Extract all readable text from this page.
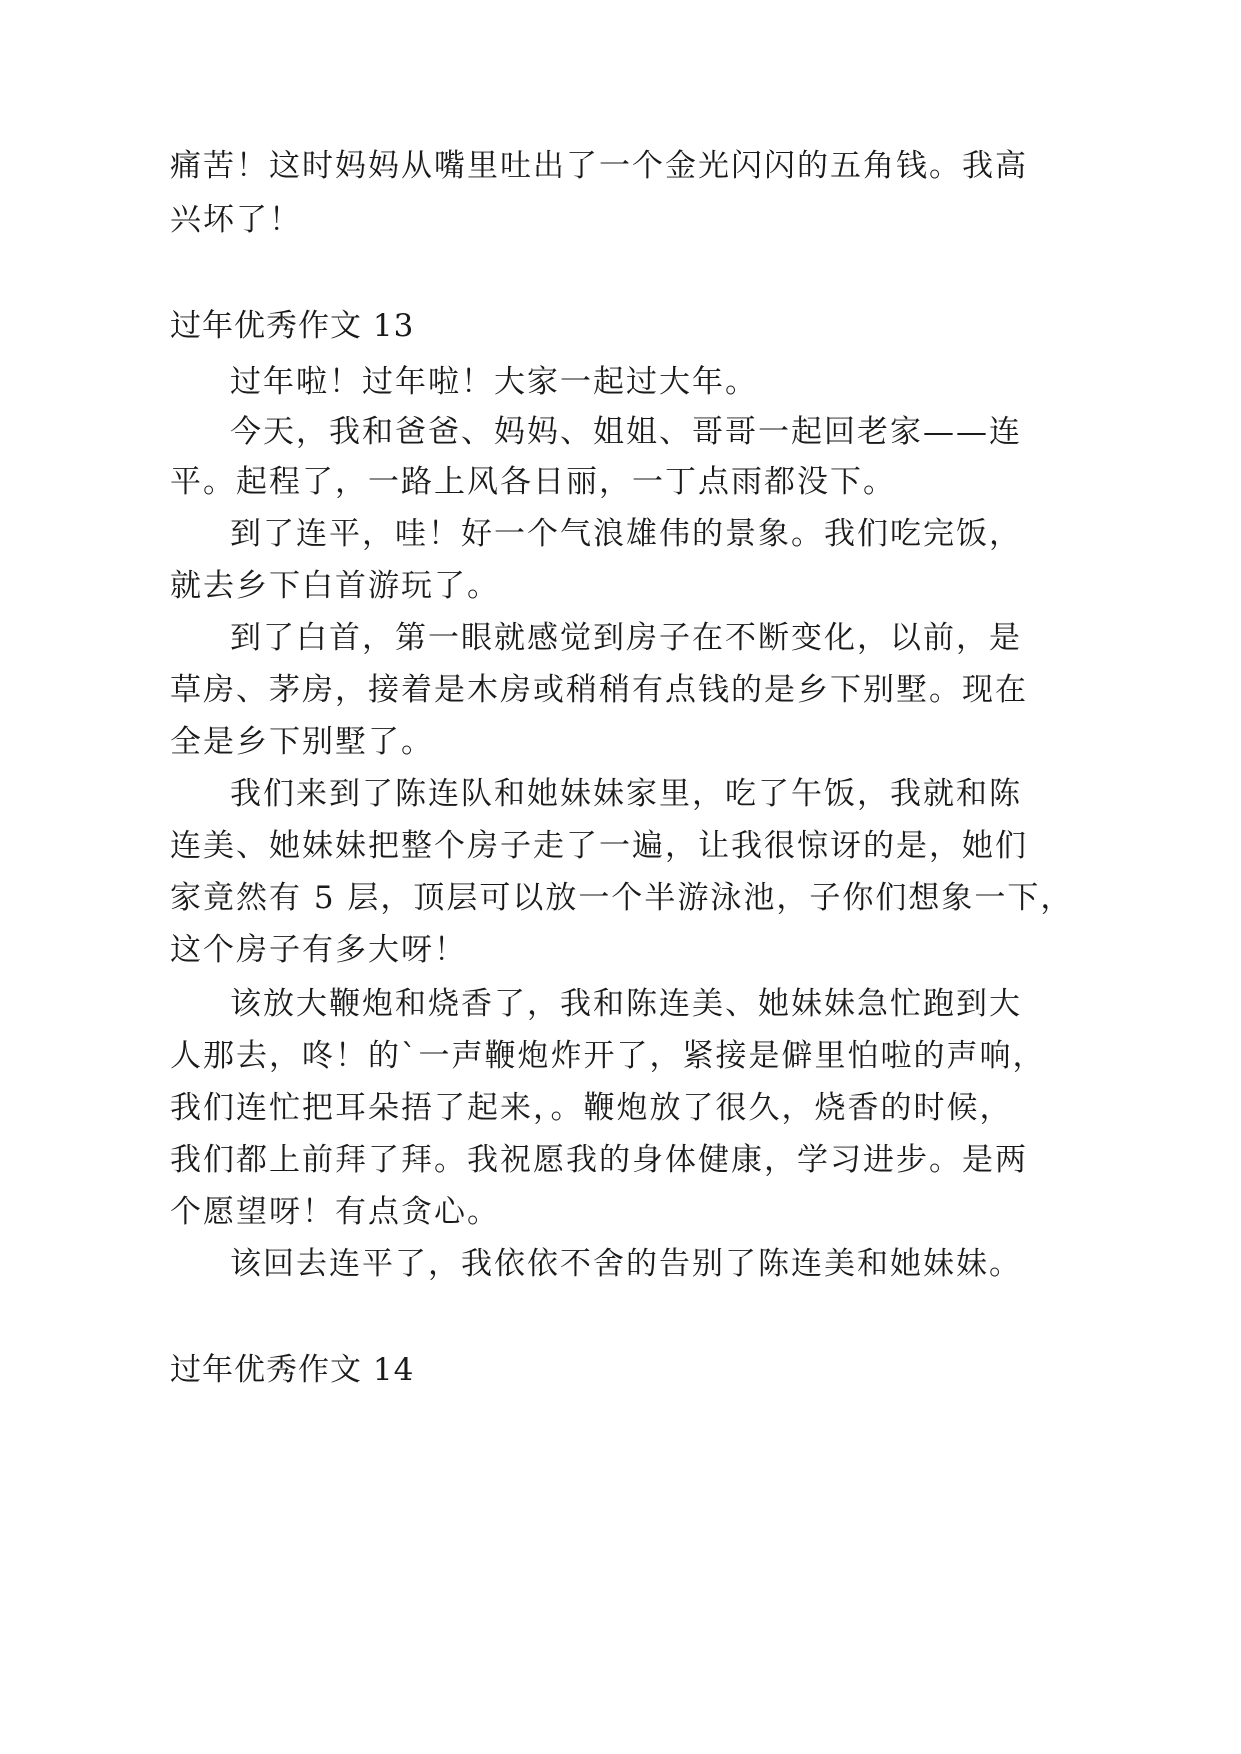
痛苦！这时妈妈从嘴里吐出了一个金光闪闪的五角钱。我高
兴坏了！
过年优秀作文 13
过年啦！过年啦！大家一起过大年。
今天，我和爸爸、妈妈、姐姐、哥哥一起回老家——连
平。起程了，一路上风各日丽，一丁点雨都没下。
到了连平，哇！好一个气浪雄伟的景象。我们吃完饭，
就去乡下白首游玩了。
到了白首，第一眼就感觉到房子在不断变化，以前，是
草房、茅房，接着是木房或稍稍有点钱的是乡下别墅。现在
全是乡下别墅了。
我们来到了陈连队和她妹妹家里，吃了午饭，我就和陈
连美、她妹妹把整个房子走了一遍，让我很惊讶的是，她们
家竟然有 5 层，顶层可以放一个半游泳池，子你们想象一下，
这个房子有多大呀！
该放大鞭炮和烧香了，我和陈连美、她妹妹急忙跑到大
人那去，咚！的`一声鞭炮炸开了，紧接是僻里怕啦的声响，
我们连忙把耳朵捂了起来，。鞭炮放了很久，烧香的时候，
我们都上前拜了拜。我祝愿我的身体健康，学习进步。是两
个愿望呀！有点贪心。
该回去连平了，我依依不舍的告别了陈连美和她妹妹。
过年优秀作文 14
